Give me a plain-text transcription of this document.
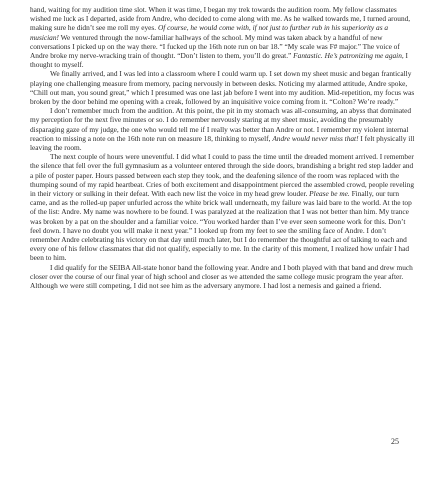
hand, waiting for my audition time slot. When it was time, I began my trek towards the audition room. My fellow classmates wished me luck as I departed, aside from Andre, who decided to come along with me. As he walked towards me, I turned around, making sure he didn’t see me roll my eyes. Of course, he would come with, if not just to further rub in his superiority as a musician! We ventured through the now-familiar hallways of the school. My mind was taken aback by a handful of new conversations I picked up on the way there. “I fucked up the 16th note run on bar 18.” “My scale was F# major.” The voice of Andre broke my nerve-wracking train of thought. “Don’t listen to them, you’ll do great.” Fantastic. He’s patronizing me again, I thought to myself.

We finally arrived, and I was led into a classroom where I could warm up. I set down my sheet music and began frantically playing one challenging measure from memory, pacing nervously in between desks. Noticing my alarmed attitude, Andre spoke, “Chill out man, you sound great,” which I presumed was one last jab before I went into my audition. Mid-repetition, my focus was broken by the door behind me opening with a creak, followed by an inquisitive voice coming from it. “Colton? We’re ready.”

I don’t remember much from the audition. At this point, the pit in my stomach was all-consuming, an abyss that dominated my perception for the next five minutes or so. I do remember nervously staring at my sheet music, avoiding the presumably disparaging gaze of my judge, the one who would tell me if I really was better than Andre or not. I remember my violent internal reaction to missing a note on the 16th note run on measure 18, thinking to myself, Andre would never miss that! I felt physically ill leaving the room.

The next couple of hours were uneventful. I did what I could to pass the time until the dreaded moment arrived. I remember the silence that fell over the full gymnasium as a volunteer entered through the side doors, brandishing a bright red step ladder and a pile of poster paper. Hours passed between each step they took, and the deafening silence of the room was replaced with the thumping sound of my rapid heartbeat. Cries of both excitement and disappointment pierced the assembled crowd, people reveling in their victory or sulking in their defeat. With each new list the voice in my head grew louder. Please be me. Finally, our turn came, and as the rolled-up paper unfurled across the white brick wall underneath, my failure was laid bare to the world. At the top of the list: Andre. My name was nowhere to be found. I was paralyzed at the realization that I was not better than him. My trance was broken by a pat on the shoulder and a familiar voice. “You worked harder than I’ve ever seen someone work for this. Don’t feel down. I have no doubt you will make it next year.” I looked up from my feet to see the smiling face of Andre. I don’t remember Andre celebrating his victory on that day until much later, but I do remember the thoughtful act of talking to each and every one of his fellow classmates that did not qualify, especially to me. In the clarity of this moment, I realized how unfair I had been to him.

I did qualify for the SEIBA All-state honor band the following year. Andre and I both played with that band and drew much closer over the course of our final year of high school and closer as we attended the same college music program the year after. Although we were still competing, I did not see him as the adversary anymore. I had lost a nemesis and gained a friend.

25
